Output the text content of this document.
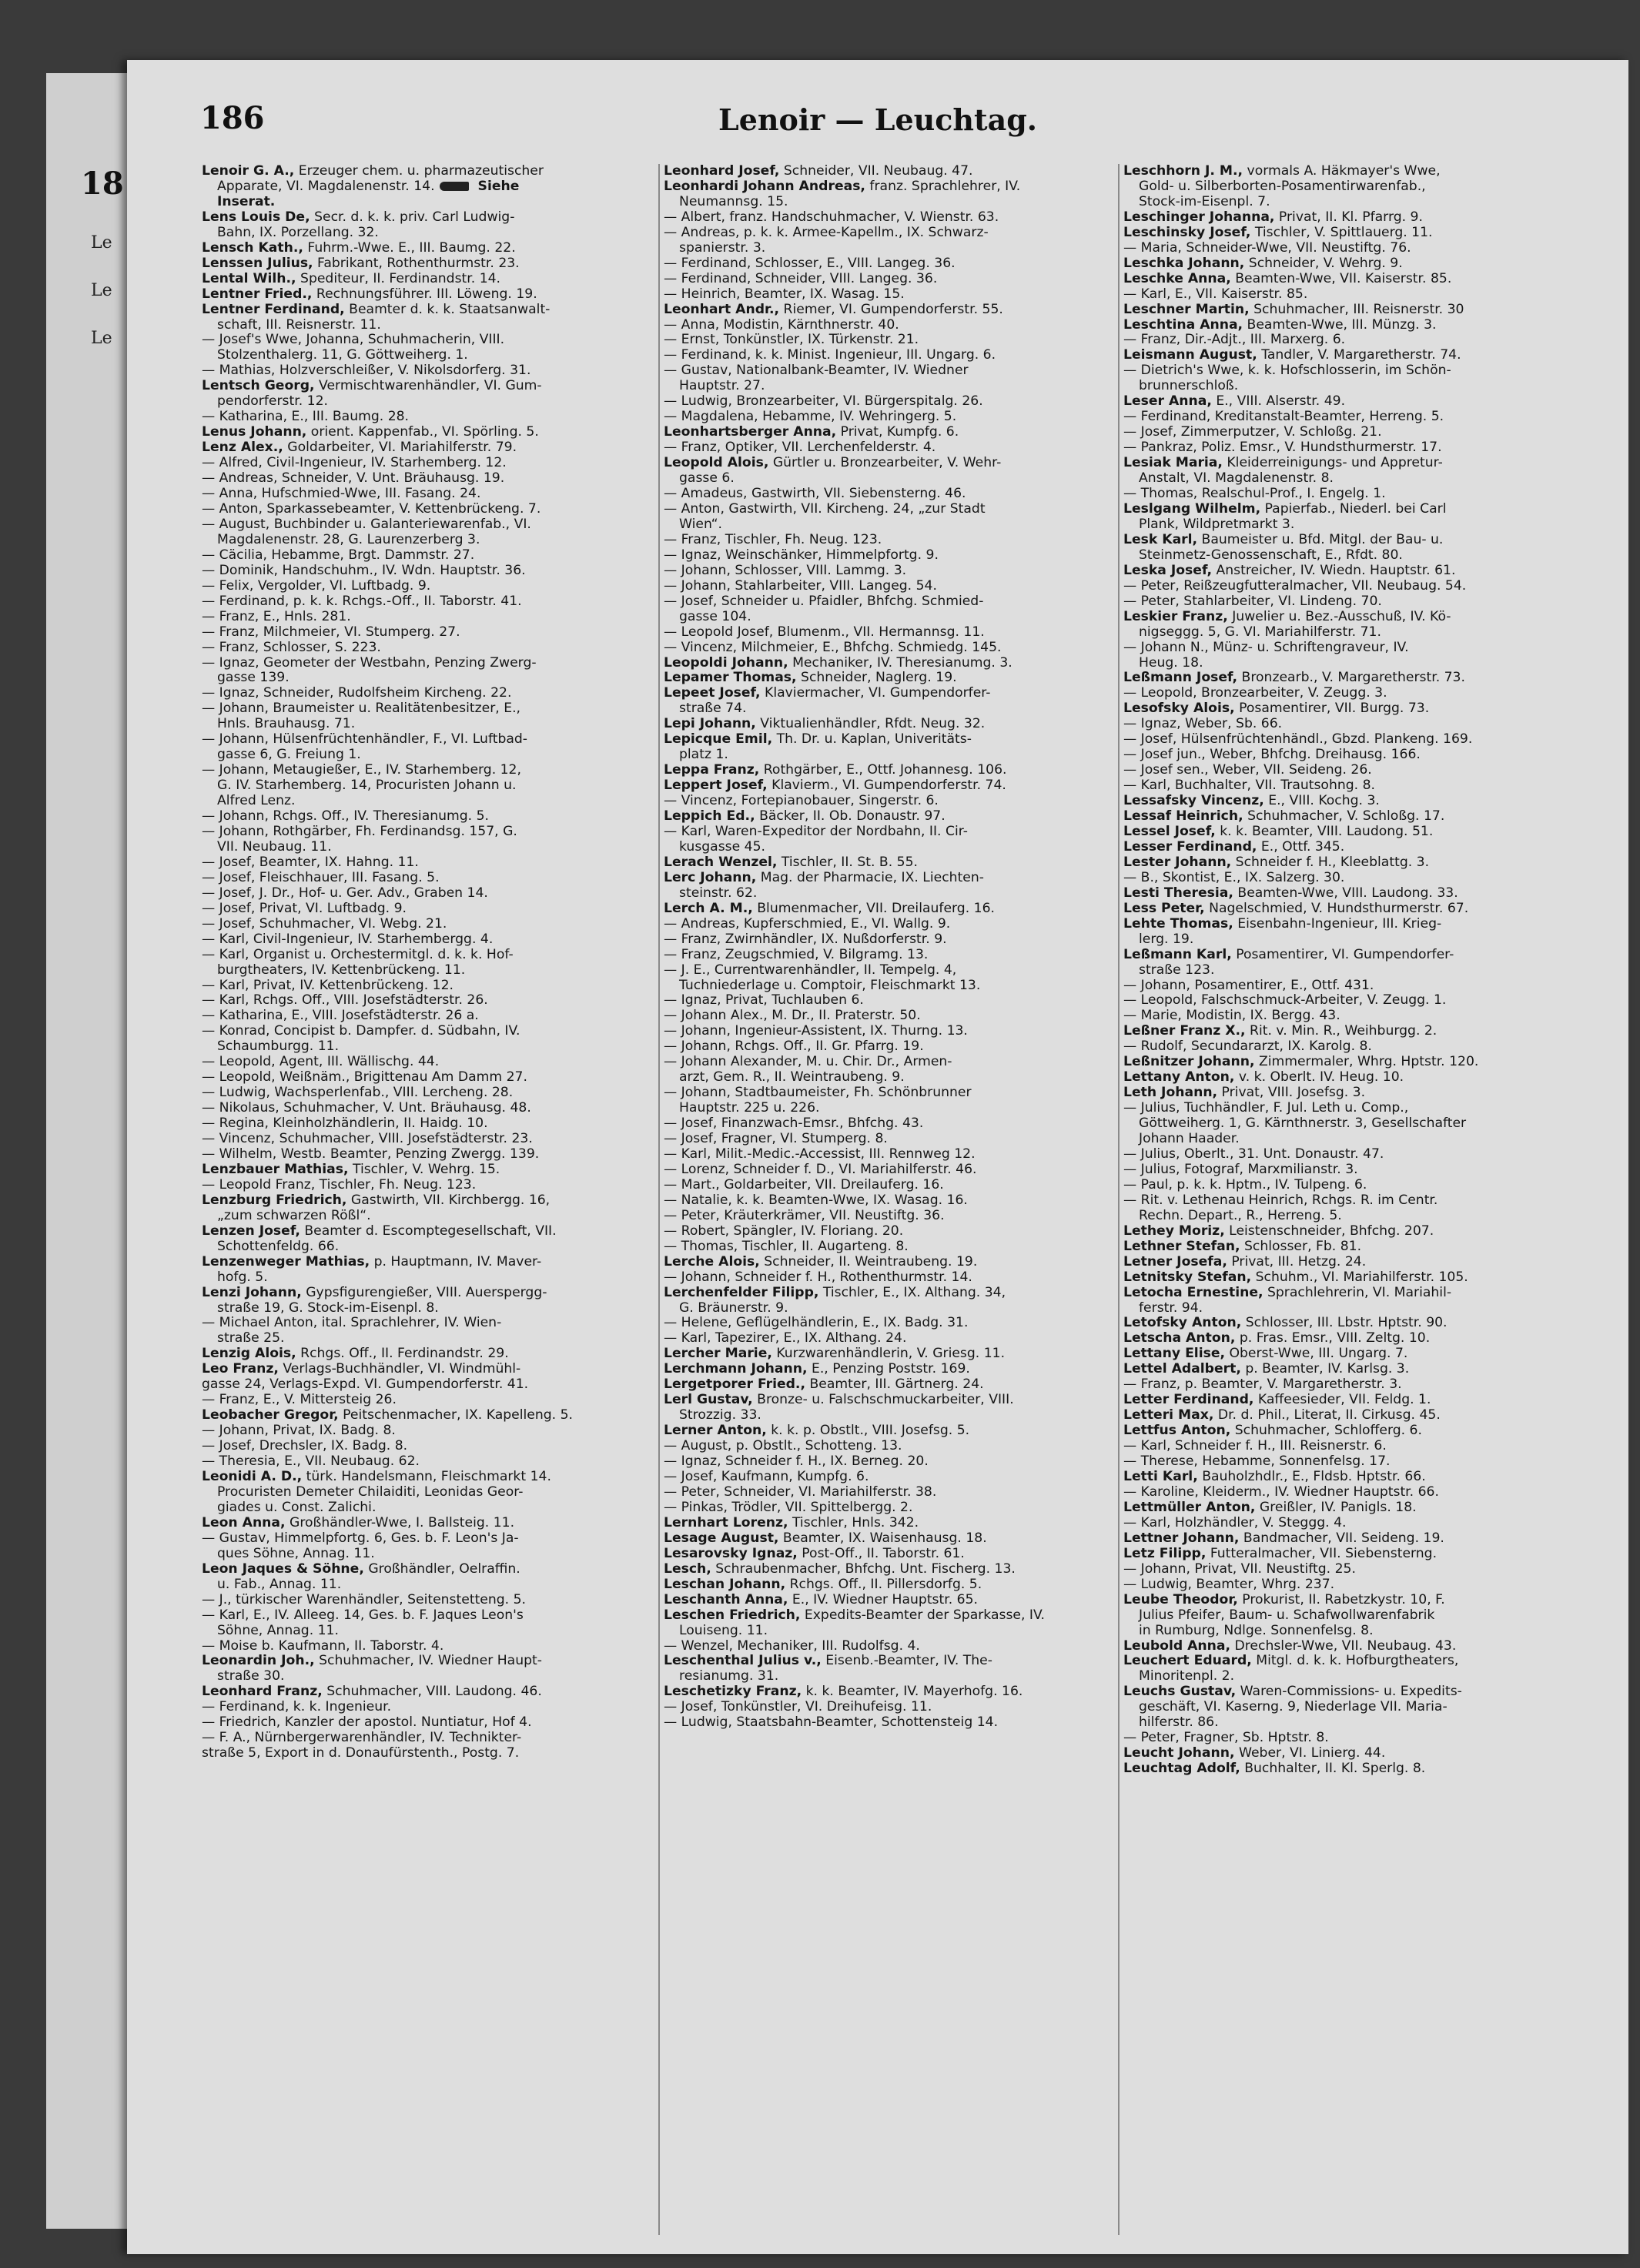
18
Le
Le
Le
186	Lenoir — Leuchtag.
Lenoir G. A., Erzeuger chem. u. pharmazeutischer
Apparate, VI. Magdalenenstr. 14.	Siehe
Inserat.
Lens Louis De, Secr. d. k. k. priv. Carl Ludwig-
Bahn, IX. Porzellang. 32.
Lensch Kath., Fuhrm.-Wwe. E., III. Baumg. 22.
Lenssen Julius, Fabrikant, Rothenthurmstr. 23.
Lental Wilh., Spediteur, II. Ferdinandstr. 14.
Lentner Fried., Rechnungsführer. III. Löweng. 19.
Lentner Ferdinand, Beamter d. k. k. Staatsanwalt-
schaft, III. Reisnerstr. 11.
— Josef's Wwe, Johanna, Schuhmacherin, VIII.
Stolzenthalerg. 11, G. Göttweiherg. 1.
— Mathias, Holzverschleißer, V. Nikolsdorferg. 31.
Lentsch Georg, Vermischtwarenhändler, VI. Gum-
pendorferstr. 12.
— Katharina, E., III. Baumg. 28.
Lenus Johann, orient. Kappenfab., VI. Spörling. 5.
Lenz Alex., Goldarbeiter, VI. Mariahilferstr. 79.
— Alfred, Civil-Ingenieur, IV. Starhemberg. 12.
— Andreas, Schneider, V. Unt. Bräuhausg. 19.
— Anna, Hufschmied-Wwe, III. Fasang. 24.
— Anton, Sparkassebeamter, V. Kettenbrückeng. 7.
— August, Buchbinder u. Galanteriewarenfab., VI.
Magdalenenstr. 28, G. Laurenzerberg 3.
— Cäcilia, Hebamme, Brgt. Dammstr. 27.
— Dominik, Handschuhm., IV. Wdn. Hauptstr. 36.
— Felix, Vergolder, VI. Luftbadg. 9.
— Ferdinand, p. k. k. Rchgs.-Off., II. Taborstr. 41.
— Franz, E., Hnls. 281.
— Franz, Milchmeier, VI. Stumperg. 27.
— Franz, Schlosser, S. 223.
— Ignaz, Geometer der Westbahn, Penzing Zwerg-
gasse 139.
— Ignaz, Schneider, Rudolfsheim Kircheng. 22.
— Johann, Braumeister u. Realitätenbesitzer, E.,
Hnls. Brauhausg. 71.
— Johann, Hülsenfrüchtenhändler, F., VI. Luftbad-
gasse 6, G. Freiung 1.
— Johann, Metaugießer, E., IV. Starhemberg. 12,
G. IV. Starhemberg. 14, Procuristen Johann u.
Alfred Lenz.
— Johann, Rchgs. Off., IV. Theresianumg. 5.
— Johann, Rothgärber, Fh. Ferdinandsg. 157, G.
VII. Neubaug. 11.
— Josef, Beamter, IX. Hahng. 11.
— Josef, Fleischhauer, III. Fasang. 5.
— Josef, J. Dr., Hof- u. Ger. Adv., Graben 14.
— Josef, Privat, VI. Luftbadg. 9.
— Josef, Schuhmacher, VI. Webg. 21.
— Karl, Civil-Ingenieur, IV. Starhembergg. 4.
— Karl, Organist u. Orchestermitgl. d. k. k. Hof-
burgtheaters, IV. Kettenbrückeng. 11.
— Karl, Privat, IV. Kettenbrückeng. 12.
— Karl, Rchgs. Off., VIII. Josefstädterstr. 26.
— Katharina, E., VIII. Josefstädterstr. 26 a.
— Konrad, Concipist b. Dampfer. d. Südbahn, IV.
Schaumburgg. 11.
— Leopold, Agent, III. Wällischg. 44.
— Leopold, Weißnäm., Brigittenau Am Damm 27.
— Ludwig, Wachsperlenfab., VIII. Lercheng. 28.
— Nikolaus, Schuhmacher, V. Unt. Bräuhausg. 48.
— Regina, Kleinholzhändlerin, II. Haidg. 10.
— Vincenz, Schuhmacher, VIII. Josefstädterstr. 23.
— Wilhelm, Westb. Beamter, Penzing Zwergg. 139.
Lenzbauer Mathias, Tischler, V. Wehrg. 15.
— Leopold Franz, Tischler, Fh. Neug. 123.
Lenzburg Friedrich, Gastwirth, VII. Kirchbergg. 16,
„zum schwarzen Rößl“.
Lenzen Josef, Beamter d. Escomptegesellschaft, VII.
Schottenfeldg. 66.
Lenzenweger Mathias, p. Hauptmann, IV. Maver-
hofg. 5.
Lenzi Johann, Gypsfigurengießer, VIII. Auerspergg-
straße 19, G. Stock-im-Eisenpl. 8.
— Michael Anton, ital. Sprachlehrer, IV. Wien-
straße 25.
Lenzig Alois, Rchgs. Off., II. Ferdinandstr. 29.
Leo Franz, Verlags-Buchhändler, VI. Windmühl-
gasse 24, Verlags-Expd. VI. Gumpendorferstr. 41.
— Franz, E., V. Mittersteig 26.
Leobacher Gregor, Peitschenmacher, IX. Kapelleng. 5.
— Johann, Privat, IX. Badg. 8.
— Josef, Drechsler, IX. Badg. 8.
— Theresia, E., VII. Neubaug. 62.
Leonidi A. D., türk. Handelsmann, Fleischmarkt 14.
Procuristen Demeter Chilaiditi, Leonidas Geor-
giades u. Const. Zalichi.
Leon Anna, Großhändler-Wwe, I. Ballsteig. 11.
— Gustav, Himmelpfortg. 6, Ges. b. F. Leon's Ja-
ques Söhne, Annag. 11.
Leon Jaques & Söhne, Großhändler, Oelraffin.
u. Fab., Annag. 11.
— J., türkischer Warenhändler, Seitenstetteng. 5.
— Karl, E., IV. Alleeg. 14, Ges. b. F. Jaques Leon's
Söhne, Annag. 11.
— Moise b. Kaufmann, II. Taborstr. 4.
Leonardin Joh., Schuhmacher, IV. Wiedner Haupt-
straße 30.
Leonhard Franz, Schuhmacher, VIII. Laudong. 46.
— Ferdinand, k. k. Ingenieur.
— Friedrich, Kanzler der apostol. Nuntiatur, Hof 4.
— F. A., Nürnbergerwarenhändler, IV. Technikter-
straße 5, Export in d. Donaufürstenth., Postg. 7.
Leonhard Josef, Schneider, VII. Neubaug. 47.
Leonhardi Johann Andreas, franz. Sprachlehrer, IV.
Neumannsg. 15.
— Albert, franz. Handschuhmacher, V. Wienstr. 63.
— Andreas, p. k. k. Armee-Kapellm., IX. Schwarz-
spanierstr. 3.
— Ferdinand, Schlosser, E., VIII. Langeg. 36.
— Ferdinand, Schneider, VIII. Langeg. 36.
— Heinrich, Beamter, IX. Wasag. 15.
Leonhart Andr., Riemer, VI. Gumpendorferstr. 55.
— Anna, Modistin, Kärnthnerstr. 40.
— Ernst, Tonkünstler, IX. Türkenstr. 21.
— Ferdinand, k. k. Minist. Ingenieur, III. Ungarg. 6.
— Gustav, Nationalbank-Beamter, IV. Wiedner
Hauptstr. 27.
— Ludwig, Bronzearbeiter, VI. Bürgerspitalg. 26.
— Magdalena, Hebamme, IV. Wehringerg. 5.
Leonhartsberger Anna, Privat, Kumpfg. 6.
— Franz, Optiker, VII. Lerchenfelderstr. 4.
Leopold Alois, Gürtler u. Bronzearbeiter, V. Wehr-
gasse 6.
— Amadeus, Gastwirth, VII. Siebensterng. 46.
— Anton, Gastwirth, VII. Kircheng. 24, „zur Stadt
Wien“.
— Franz, Tischler, Fh. Neug. 123.
— Ignaz, Weinschänker, Himmelpfortg. 9.
— Johann, Schlosser, VIII. Lammg. 3.
— Johann, Stahlarbeiter, VIII. Langeg. 54.
— Josef, Schneider u. Pfaidler, Bhfchg. Schmied-
gasse 104.
— Leopold Josef, Blumenm., VII. Hermannsg. 11.
— Vincenz, Milchmeier, E., Bhfchg. Schmiedg. 145.
Leopoldi Johann, Mechaniker, IV. Theresianumg. 3.
Lepamer Thomas, Schneider, Naglerg. 19.
Lepeet Josef, Klaviermacher, VI. Gumpendorfer-
straße 74.
Lepi Johann, Viktualienhändler, Rfdt. Neug. 32.
Lepicque Emil, Th. Dr. u. Kaplan, Univeritäts-
platz 1.
Leppa Franz, Rothgärber, E., Ottf. Johannesg. 106.
Leppert Josef, Klavierm., VI. Gumpendorferstr. 74.
— Vincenz, Fortepianobauer, Singerstr. 6.
Leppich Ed., Bäcker, II. Ob. Donaustr. 97.
— Karl, Waren-Expeditor der Nordbahn, II. Cir-
kusgasse 45.
Lerach Wenzel, Tischler, II. St. B. 55.
Lerc Johann, Mag. der Pharmacie, IX. Liechten-
steinstr. 62.
Lerch A. M., Blumenmacher, VII. Dreilauferg. 16.
— Andreas, Kupferschmied, E., VI. Wallg. 9.
— Franz, Zwirnhändler, IX. Nußdorferstr. 9.
— Franz, Zeugschmied, V. Bilgramg. 13.
— J. E., Currentwarenhändler, II. Tempelg. 4,
Tuchniederlage u. Comptoir, Fleischmarkt 13.
— Ignaz, Privat, Tuchlauben 6.
— Johann Alex., M. Dr., II. Praterstr. 50.
— Johann, Ingenieur-Assistent, IX. Thurng. 13.
— Johann, Rchgs. Off., II. Gr. Pfarrg. 19.
— Johann Alexander, M. u. Chir. Dr., Armen-
arzt, Gem. R., II. Weintraubeng. 9.
— Johann, Stadtbaumeister, Fh. Schönbrunner
Hauptstr. 225 u. 226.
— Josef, Finanzwach-Emsr., Bhfchg. 43.
— Josef, Fragner, VI. Stumperg. 8.
— Karl, Milit.-Medic.-Accessist, III. Rennweg 12.
— Lorenz, Schneider f. D., VI. Mariahilferstr. 46.
— Mart., Goldarbeiter, VII. Dreilauferg. 16.
— Natalie, k. k. Beamten-Wwe, IX. Wasag. 16.
— Peter, Kräuterkrämer, VII. Neustiftg. 36.
— Robert, Spängler, IV. Floriang. 20.
— Thomas, Tischler, II. Augarteng. 8.
Lerche Alois, Schneider, II. Weintraubeng. 19.
— Johann, Schneider f. H., Rothenthurmstr. 14.
Lerchenfelder Filipp, Tischler, E., IX. Althang. 34,
G. Bräunerstr. 9.
— Helene, Geflügelhändlerin, E., IX. Badg. 31.
— Karl, Tapezirer, E., IX. Althang. 24.
Lercher Marie, Kurzwarenhändlerin, V. Griesg. 11.
Lerchmann Johann, E., Penzing Poststr. 169.
Lergetporer Fried., Beamter, III. Gärtnerg. 24.
Lerl Gustav, Bronze- u. Falschschmuckarbeiter, VIII.
Strozzig. 33.
Lerner Anton, k. k. p. Obstlt., VIII. Josefsg. 5.
— August, p. Obstlt., Schotteng. 13.
— Ignaz, Schneider f. H., IX. Berneg. 20.
— Josef, Kaufmann, Kumpfg. 6.
— Peter, Schneider, VI. Mariahilferstr. 38.
— Pinkas, Trödler, VII. Spittelbergg. 2.
Lernhart Lorenz, Tischler, Hnls. 342.
Lesage August, Beamter, IX. Waisenhausg. 18.
Lesarovsky Ignaz, Post-Off., II. Taborstr. 61.
Lesch, Schraubenmacher, Bhfchg. Unt. Fischerg. 13.
Leschan Johann, Rchgs. Off., II. Pillersdorfg. 5.
Leschanth Anna, E., IV. Wiedner Hauptstr. 65.
Leschen Friedrich, Expedits-Beamter der Sparkasse, IV.
Louiseng. 11.
— Wenzel, Mechaniker, III. Rudolfsg. 4.
Leschenthal Julius v., Eisenb.-Beamter, IV. The-
resianumg. 31.
Leschetizky Franz, k. k. Beamter, IV. Mayerhofg. 16.
— Josef, Tonkünstler, VI. Dreihufeisg. 11.
— Ludwig, Staatsbahn-Beamter, Schottensteig 14.
Leschhorn J. M., vormals A. Häkmayer's Wwe,
Gold- u. Silberborten-Posamentirwarenfab.,
Stock-im-Eisenpl. 7.
Leschinger Johanna, Privat, II. Kl. Pfarrg. 9.
Leschinsky Josef, Tischler, V. Spittlauerg. 11.
— Maria, Schneider-Wwe, VII. Neustiftg. 76.
Leschka Johann, Schneider, V. Wehrg. 9.
Leschke Anna, Beamten-Wwe, VII. Kaiserstr. 85.
— Karl, E., VII. Kaiserstr. 85.
Leschner Martin, Schuhmacher, III. Reisnerstr. 30
Leschtina Anna, Beamten-Wwe, III. Münzg. 3.
— Franz, Dir.-Adjt., III. Marxerg. 6.
Leismann August, Tandler, V. Margaretherstr. 74.
— Dietrich's Wwe, k. k. Hofschlosserin, im Schön-
brunnerschloß.
Leser Anna, E., VIII. Alserstr. 49.
— Ferdinand, Kreditanstalt-Beamter, Herreng. 5.
— Josef, Zimmerputzer, V. Schloßg. 21.
— Pankraz, Poliz. Emsr., V. Hundsthurmerstr. 17.
Lesiak Maria, Kleiderreinigungs- und Appretur-
Anstalt, VI. Magdalenenstr. 8.
— Thomas, Realschul-Prof., I. Engelg. 1.
Leslgang Wilhelm, Papierfab., Niederl. bei Carl
Plank, Wildpretmarkt 3.
Lesk Karl, Baumeister u. Bfd. Mitgl. der Bau- u.
Steinmetz-Genossenschaft, E., Rfdt. 80.
Leska Josef, Anstreicher, IV. Wiedn. Hauptstr. 61.
— Peter, Reißzeugfutteralmacher, VII. Neubaug. 54.
— Peter, Stahlarbeiter, VI. Lindeng. 70.
Leskier Franz, Juwelier u. Bez.-Ausschuß, IV. Kö-
nigseggg. 5, G. VI. Mariahilferstr. 71.
— Johann N., Münz- u. Schriftengraveur, IV.
Heug. 18.
Leßmann Josef, Bronzearb., V. Margaretherstr. 73.
— Leopold, Bronzearbeiter, V. Zeugg. 3.
Lesofsky Alois, Posamentirer, VII. Burgg. 73.
— Ignaz, Weber, Sb. 66.
— Josef, Hülsenfrüchtenhändl., Gbzd. Plankeng. 169.
— Josef jun., Weber, Bhfchg. Dreihausg. 166.
— Josef sen., Weber, VII. Seideng. 26.
— Karl, Buchhalter, VII. Trautsohng. 8.
Lessafsky Vincenz, E., VIII. Kochg. 3.
Lessaf Heinrich, Schuhmacher, V. Schloßg. 17.
Lessel Josef, k. k. Beamter, VIII. Laudong. 51.
Lesser Ferdinand, E., Ottf. 345.
Lester Johann, Schneider f. H., Kleeblattg. 3.
— B., Skontist, E., IX. Salzerg. 30.
Lesti Theresia, Beamten-Wwe, VIII. Laudong. 33.
Less Peter, Nagelschmied, V. Hundsthurmerstr. 67.
Lehte Thomas, Eisenbahn-Ingenieur, III. Krieg-
lerg. 19.
Leßmann Karl, Posamentirer, VI. Gumpendorfer-
straße 123.
— Johann, Posamentirer, E., Ottf. 431.
— Leopold, Falschschmuck-Arbeiter, V. Zeugg. 1.
— Marie, Modistin, IX. Bergg. 43.
Leßner Franz X., Rit. v. Min. R., Weihburgg. 2.
— Rudolf, Secundararzt, IX. Karolg. 8.
Leßnitzer Johann, Zimmermaler, Whrg. Hptstr. 120.
Lettany Anton, v. k. Oberlt. IV. Heug. 10.
Leth Johann, Privat, VIII. Josefsg. 3.
— Julius, Tuchhändler, F. Jul. Leth u. Comp.,
Göttweiherg. 1, G. Kärnthnerstr. 3, Gesellschafter
Johann Haader.
— Julius, Oberlt., 31. Unt. Donaustr. 47.
— Julius, Fotograf, Marxmilianstr. 3.
— Paul, p. k. k. Hptm., IV. Tulpeng. 6.
— Rit. v. Lethenau Heinrich, Rchgs. R. im Centr.
Rechn. Depart., R., Herreng. 5.
Lethey Moriz, Leistenschneider, Bhfchg. 207.
Lethner Stefan, Schlosser, Fb. 81.
Letner Josefa, Privat, III. Hetzg. 24.
Letnitsky Stefan, Schuhm., VI. Mariahilferstr. 105.
Letocha Ernestine, Sprachlehrerin, VI. Mariahil-
ferstr. 94.
Letofsky Anton, Schlosser, III. Lbstr. Hptstr. 90.
Letscha Anton, p. Fras. Emsr., VIII. Zeltg. 10.
Lettany Elise, Oberst-Wwe, III. Ungarg. 7.
Lettel Adalbert, p. Beamter, IV. Karlsg. 3.
— Franz, p. Beamter, V. Margaretherstr. 3.
Letter Ferdinand, Kaffeesieder, VII. Feldg. 1.
Letteri Max, Dr. d. Phil., Literat, II. Cirkusg. 45.
Lettfus Anton, Schuhmacher, Schlofferg. 6.
— Karl, Schneider f. H., III. Reisnerstr. 6.
— Therese, Hebamme, Sonnenfelsg. 17.
Letti Karl, Bauholzhdlr., E., Fldsb. Hptstr. 66.
— Karoline, Kleiderm., IV. Wiedner Hauptstr. 66.
Lettmüller Anton, Greißler, IV. Panigls. 18.
— Karl, Holzhändler, V. Steggg. 4.
Lettner Johann, Bandmacher, VII. Seideng. 19.
Letz Filipp, Futteralmacher, VII. Siebensterng.
— Johann, Privat, VII. Neustiftg. 25.
— Ludwig, Beamter, Whrg. 237.
Leube Theodor, Prokurist, II. Rabetzkystr. 10, F.
Julius Pfeifer, Baum- u. Schafwollwarenfabrik
in Rumburg, Ndlge. Sonnenfelsg. 8.
Leubold Anna, Drechsler-Wwe, VII. Neubaug. 43.
Leuchert Eduard, Mitgl. d. k. k. Hofburgtheaters,
Minoritenpl. 2.
Leuchs Gustav, Waren-Commissions- u. Expedits-
geschäft, VI. Kaserng. 9, Niederlage VII. Maria-
hilferstr. 86.
— Peter, Fragner, Sb. Hptstr. 8.
Leucht Johann, Weber, VI. Linierg. 44.
Leuchtag Adolf, Buchhalter, II. Kl. Sperlg. 8.
